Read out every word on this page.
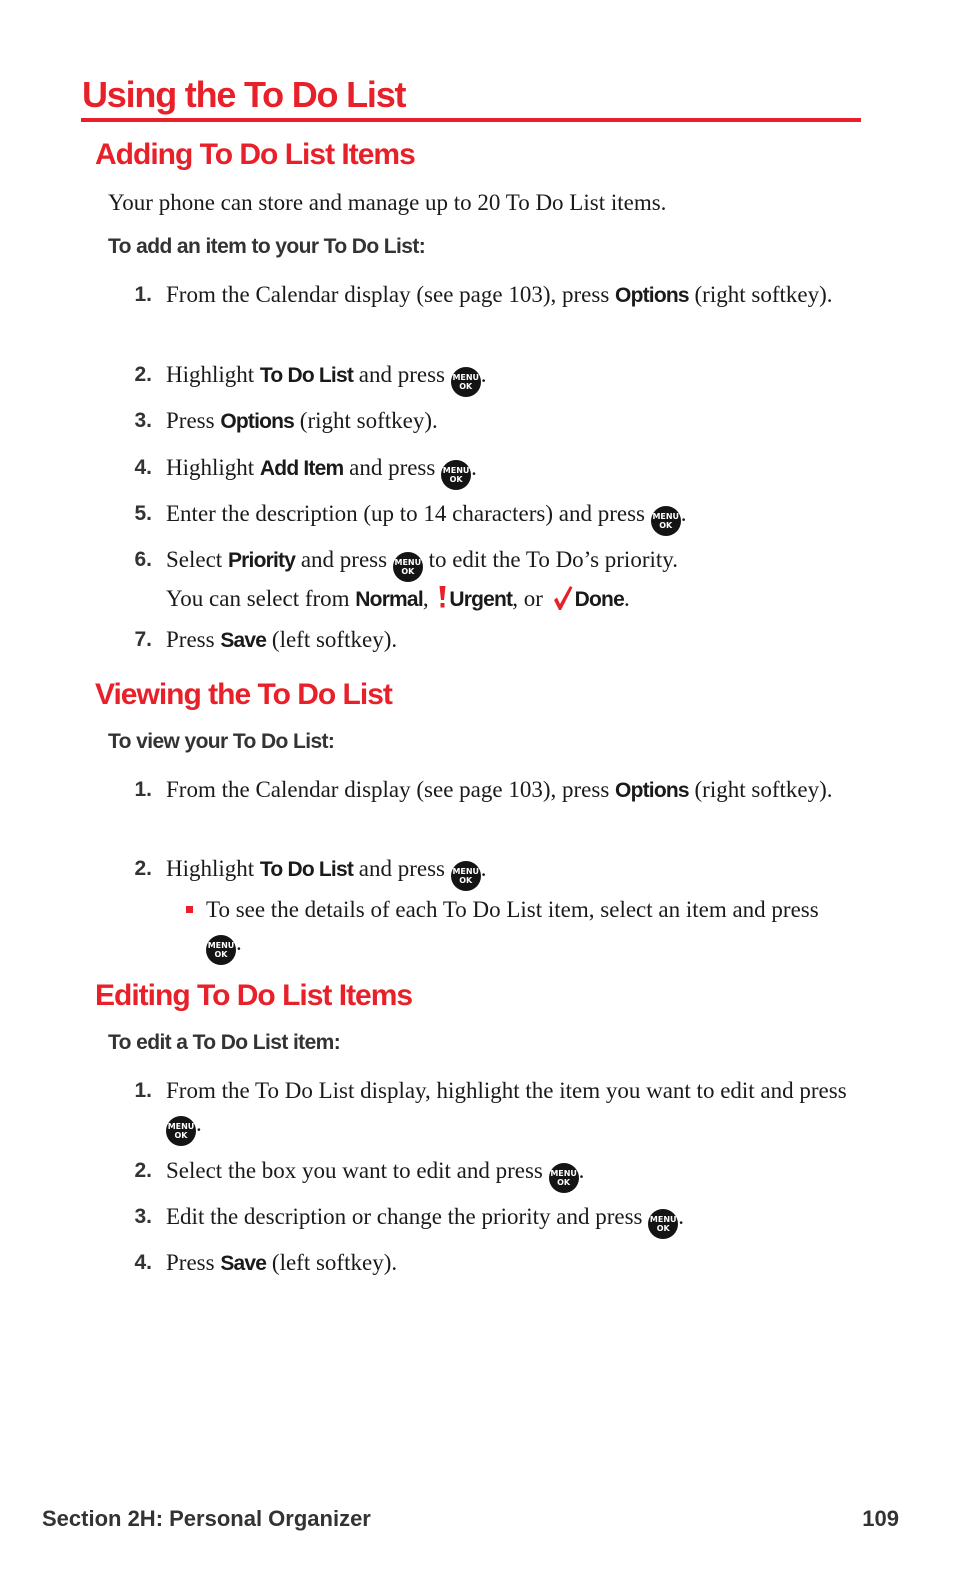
Using the To Do List
Adding To Do List Items

Your phone can store and manage up to 20 To Do List items.

To add an item to your To Do List:

1. From the Calendar display (see page 103), press Options (right softkey).
2. Highlight To Do List and press MENU
OK .
3. Press Options (right softkey).
4. Highlight Add Item and press MENU
OK .
5. Enter the description (up to 14 characters) and press MENU
OK .
6. Select Priority and press MENU
OK to edit the To Do’s priority.
You can select from Normal, Urgent, or Done.
7. Press Save (left softkey).
Viewing the To Do List

To view your To Do List:

1. From the Calendar display (see page 103), press Options (right softkey).
2. Highlight To Do List and press MENU
OK .
To see the details of each To Do List item, select an item and press MENU
OK .
Editing To Do List Items

To edit a To Do List item:

1. From the To Do List display, highlight the item you want to edit and press MENU
OK .
2. Select the box you want to edit and press MENU
OK .
3. Edit the description or change the priority and press MENU
OK .
4. Press Save (left softkey).
Section 2H: Personal Organizer	109
